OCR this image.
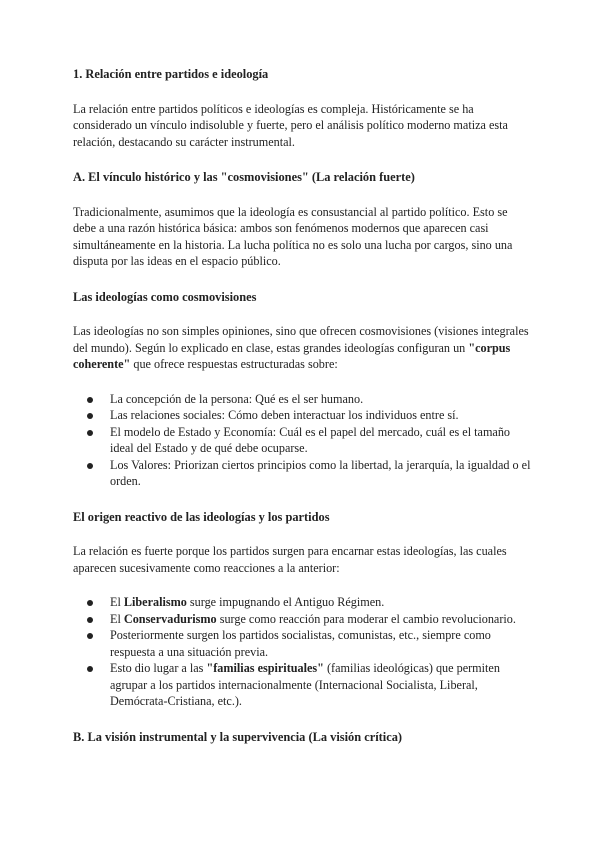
1. Relación entre partidos e ideología

La relación entre partidos políticos e ideologías es compleja. Históricamente se ha considerado un vínculo indisoluble y fuerte, pero el análisis político moderno matiza esta relación, destacando su carácter instrumental.

A. El vínculo histórico y las "cosmovisiones" (La relación fuerte)

Tradicionalmente, asumimos que la ideología es consustancial al partido político. Esto se debe a una razón histórica básica: ambos son fenómenos modernos que aparecen casi simultáneamente en la historia. La lucha política no es solo una lucha por cargos, sino una disputa por las ideas en el espacio público.

Las ideologías como cosmovisiones

Las ideologías no son simples opiniones, sino que ofrecen cosmovisiones (visiones integrales del mundo). Según lo explicado en clase, estas grandes ideologías configuran un "corpus coherente" que ofrece respuestas estructuradas sobre:

La concepción de la persona: Qué es el ser humano.
Las relaciones sociales: Cómo deben interactuar los individuos entre sí.
El modelo de Estado y Economía: Cuál es el papel del mercado, cuál es el tamaño ideal del Estado y de qué debe ocuparse.
Los Valores: Priorizan ciertos principios como la libertad, la jerarquía, la igualdad o el orden.

El origen reactivo de las ideologías y los partidos

La relación es fuerte porque los partidos surgen para encarnar estas ideologías, las cuales aparecen sucesivamente como reacciones a la anterior:

El Liberalismo surge impugnando el Antiguo Régimen.
El Conservadurismo surge como reacción para moderar el cambio revolucionario.
Posteriormente surgen los partidos socialistas, comunistas, etc., siempre como respuesta a una situación previa.
Esto dio lugar a las "familias espirituales" (familias ideológicas) que permiten agrupar a los partidos internacionalmente (Internacional Socialista, Liberal, Demócrata-Cristiana, etc.).

B. La visión instrumental y la supervivencia (La visión crítica)
